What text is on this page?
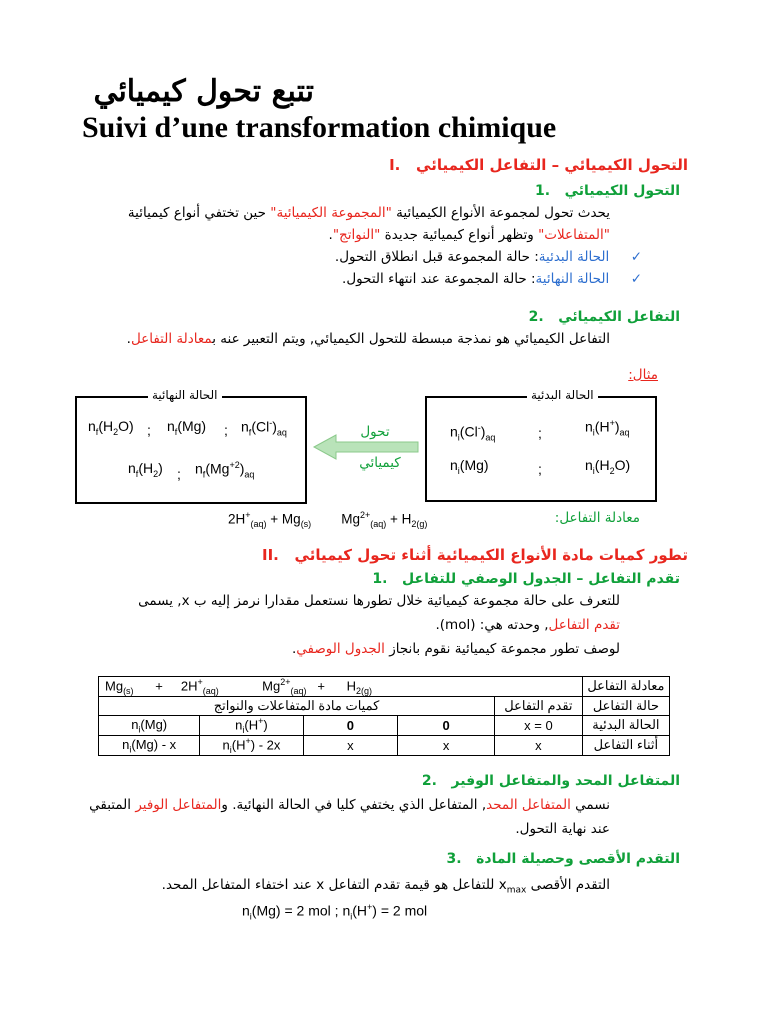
تتبع تحول كيميائي
Suivi d’une transformation chimique
التحول الكيميائي – التفاعل الكيميائي   I.
التحول الكيميائي   1.
يحدث تحول لمجموعة الأنواع الكيميائية "المجموعة الكيميائية" حين تختفي أنواع كيميائية
"المتفاعلات" وتظهر أنواع كيميائية جديدة "النواتج".
✓     الحالة البدئية: حالة المجموعة قبل انطلاق التحول.
✓     الحالة النهائية: حالة المجموعة عند انتهاء التحول.
التفاعل الكيميائي   2.
التفاعل الكيميائي هو نمذجة مبسطة للتحول الكيميائي, ويتم التعبير عنه بمعادلة التفاعل.
مثال:
الحالة النهائية
$n_f(H_2O)$ ; $n_f(Mg)$ ; $n_f(Cl^-)_{aq}$
$n_f(H_2)$ ; $n_f(Mg^{+2})_{aq}$
تحول
كيميائي
الحالة البدئية
$n_i(Cl^-)_{aq}$	;	$n_i(H^+)_{aq}$
$n_i(Mg)$	;	$n_i(H_2O)$
$2H^+_{(aq)} + Mg_{(s)}$        $Mg^{2+}_{(aq)} + H_{2(g)}$	معادلة التفاعل:
تطور كميات مادة الأنواع الكيميائية أثناء تحول كيميائي   II.
تقدم التفاعل – الجدول الوصفي للتفاعل   1.
للتعرف على حالة مجموعة كيميائية خلال تطورها نستعمل مقدارا نرمز إليه ب x, يسمى
تقدم التفاعل, وحدته هي: (mol).
لوصف تطور مجموعة كيميائية نقوم بانجاز الجدول الوصفي.
$Mg_{(s)}$ +     $2H^+_{(aq)}$            $Mg^{2+}_{(aq)}$ +      $H_{2(g)}$					معادلة التفاعل
كميات مادة المتفاعلات والنواتج				تقدم التفاعل	حالة التفاعل
$n_i(Mg)$	$n_i(H^+)$	0	0	x = 0	الحالة البدئية
$n_i(Mg)$ - x	$n_i(H^+) - 2x$	x	x	x	أثناء التفاعل
المتفاعل المحد والمتفاعل الوفير   2.
نسمي المتفاعل المحد, المتفاعل الذي يختفي كليا في الحالة النهائية. والمتفاعل الوفير المتبقي
عند نهاية التحول.
التقدم الأقصى وحصيلة المادة   3.
التقدم الأقصى $x_{max}$ للتفاعل هو قيمة تقدم التفاعل x عند اختفاء المتفاعل المحد.
$n_i(Mg) = 2$ mol ; $n_i(H^+) = 2$ mol
